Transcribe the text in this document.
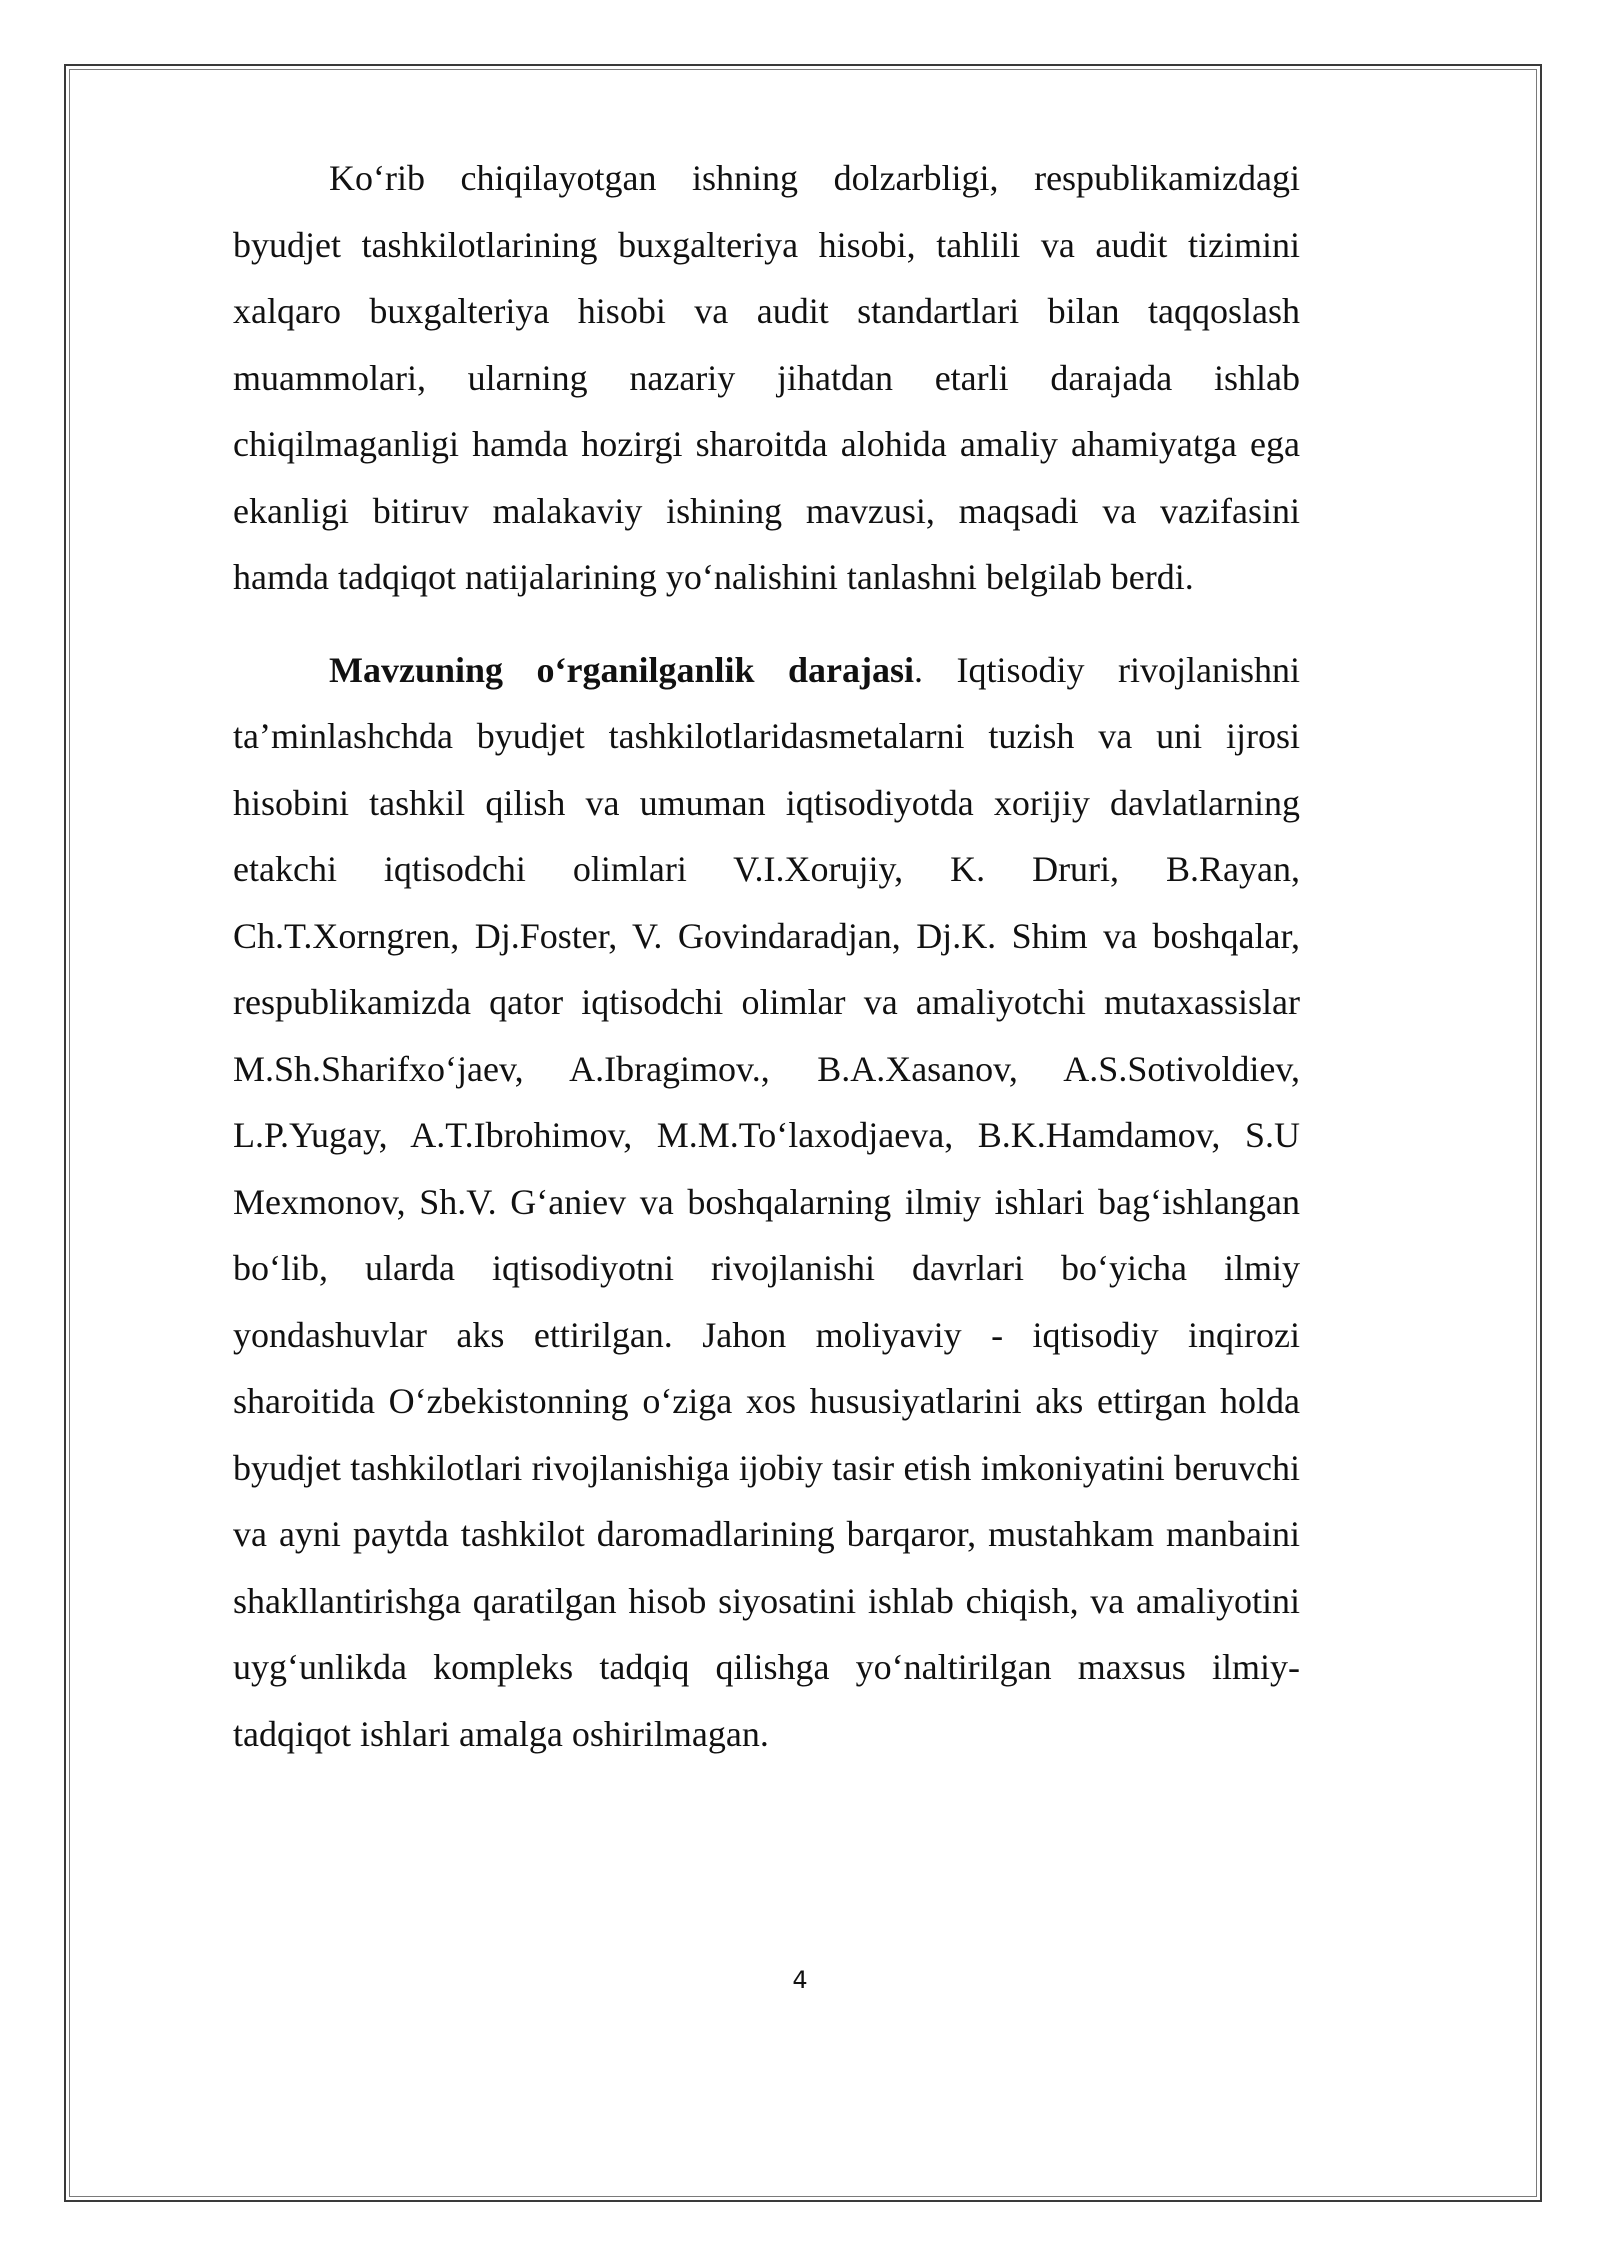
Ko‘rib chiqilayotgan ishning dolzarbligi, respublikamizdagi byudjet tashkilotlarining buxgalteriya hisobi, tahlili va audit tizimini xalqaro buxgalteriya hisobi va audit standartlari bilan taqqoslash muammolari, ularning nazariy jihatdan etarli darajada ishlab chiqilmaganligi hamda hozirgi sharoitda alohida amaliy ahamiyatga ega ekanligi bitiruv malakaviy ishining mavzusi, maqsadi va vazifasini hamda tadqiqot natijalarining yo‘nalishini tanlashni belgilab berdi.

Mavzuning o‘rganilganlik darajasi. Iqtisodiy rivojlanishni ta’minlashchda byudjet tashkilotlaridasmetalarni tuzish va uni ijrosi hisobini tashkil qilish va umuman iqtisodiyotda xorijiy davlatlarning etakchi iqtisodchi olimlari V.I.Xorujiy, K. Druri, B.Rayan, Ch.T.Xorngren, Dj.Foster, V. Govindaradjan, Dj.K. Shim va boshqalar, respublikamizda qator iqtisodchi olimlar va amaliyotchi mutaxassislar M.Sh.Sharifxo‘jaev, A.Ibragimov., B.A.Xasanov, A.S.Sotivoldiev, L.P.Yugay, A.T.Ibrohimov, M.M.To‘laxodjaeva, B.K.Hamdamov, S.U Mexmonov, Sh.V. G‘aniev va boshqalarning ilmiy ishlari bag‘ishlangan bo‘lib, ularda iqtisodiyotni rivojlanishi davrlari bo‘yicha ilmiy yondashuvlar aks ettirilgan. Jahon moliyaviy - iqtisodiy inqirozi sharoitida O‘zbekistonning o‘ziga xos hususiyatlarini aks ettirgan holda byudjet tashkilotlari rivojlanishiga ijobiy tasir etish imkoniyatini beruvchi va ayni paytda tashkilot daromadlarining barqaror, mustahkam manbaini shakllantirishga qaratilgan hisob siyosatini ishlab chiqish, va amaliyotini uyg‘unlikda kompleks tadqiq qilishga yo‘naltirilgan maxsus ilmiy-tadqiqot ishlari amalga oshirilmagan.

4
